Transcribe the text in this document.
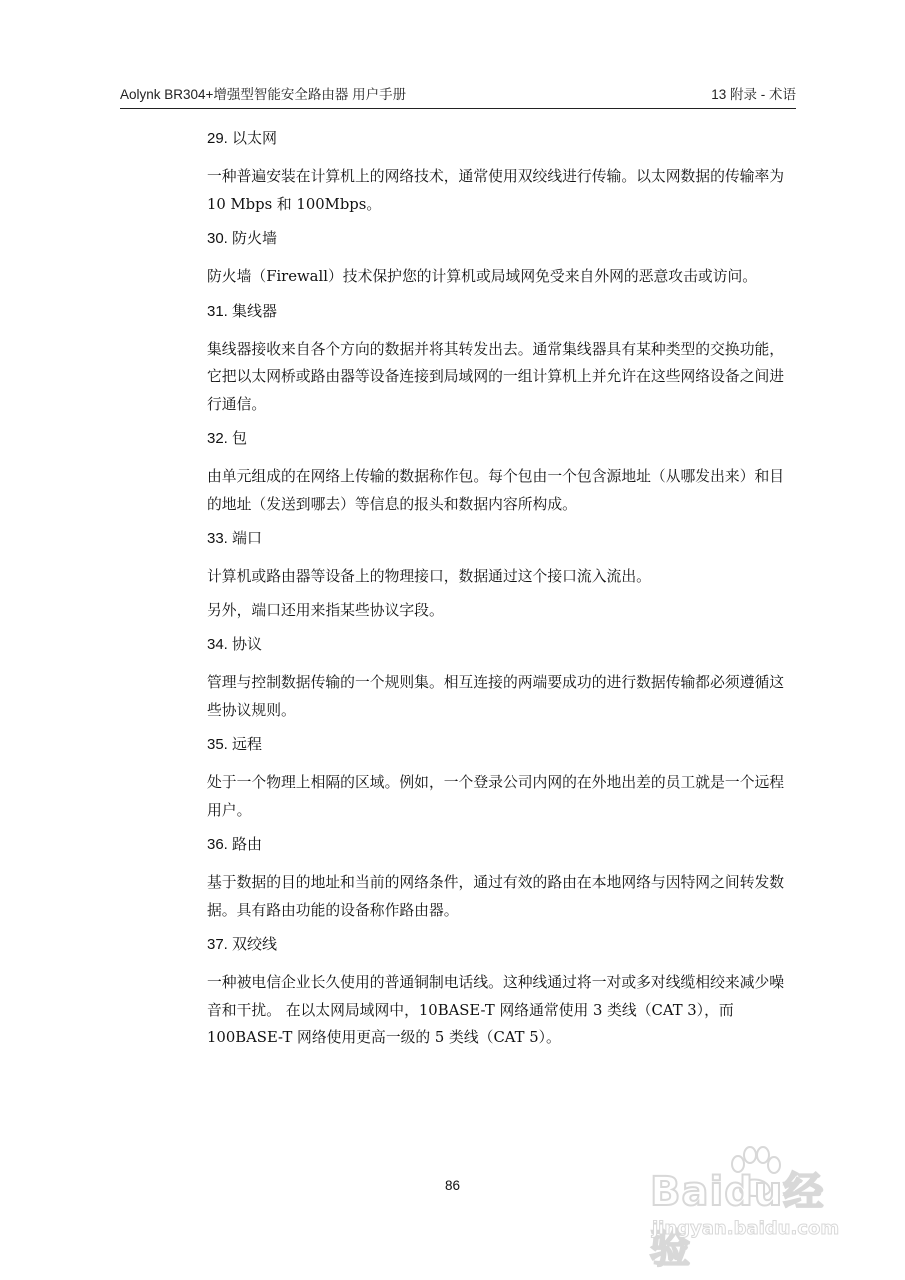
Aolynk BR304+增强型智能安全路由器 用户手册	13 附录 - 术语
29. 以太网

一种普遍安装在计算机上的网络技术，通常使用双绞线进行传输。以太网数据的传输率为 10 Mbps 和 100Mbps。

30. 防火墙

防火墙（Firewall）技术保护您的计算机或局域网免受来自外网的恶意攻击或访问。

31. 集线器

集线器接收来自各个方向的数据并将其转发出去。通常集线器具有某种类型的交换功能，它把以太网桥或路由器等设备连接到局域网的一组计算机上并允许在这些网络设备之间进行通信。

32. 包

由单元组成的在网络上传输的数据称作包。每个包由一个包含源地址（从哪发出来）和目的地址（发送到哪去）等信息的报头和数据内容所构成。

33. 端口

计算机或路由器等设备上的物理接口，数据通过这个接口流入流出。

另外，端口还用来指某些协议字段。

34. 协议

管理与控制数据传输的一个规则集。相互连接的两端要成功的进行数据传输都必须遵循这些协议规则。

35. 远程

处于一个物理上相隔的区域。例如，一个登录公司内网的在外地出差的员工就是一个远程用户。

36. 路由

基于数据的目的地址和当前的网络条件，通过有效的路由在本地网络与因特网之间转发数据。具有路由功能的设备称作路由器。

37. 双绞线

一种被电信企业长久使用的普通铜制电话线。这种线通过将一对或多对线缆相绞来减少噪音和干扰。 在以太网局域网中，10BASE-T 网络通常使用 3 类线（CAT 3），而 100BASE-T 网络使用更高一级的 5 类线（CAT 5）。

86	Baidu经验
jingyan.baidu.com
